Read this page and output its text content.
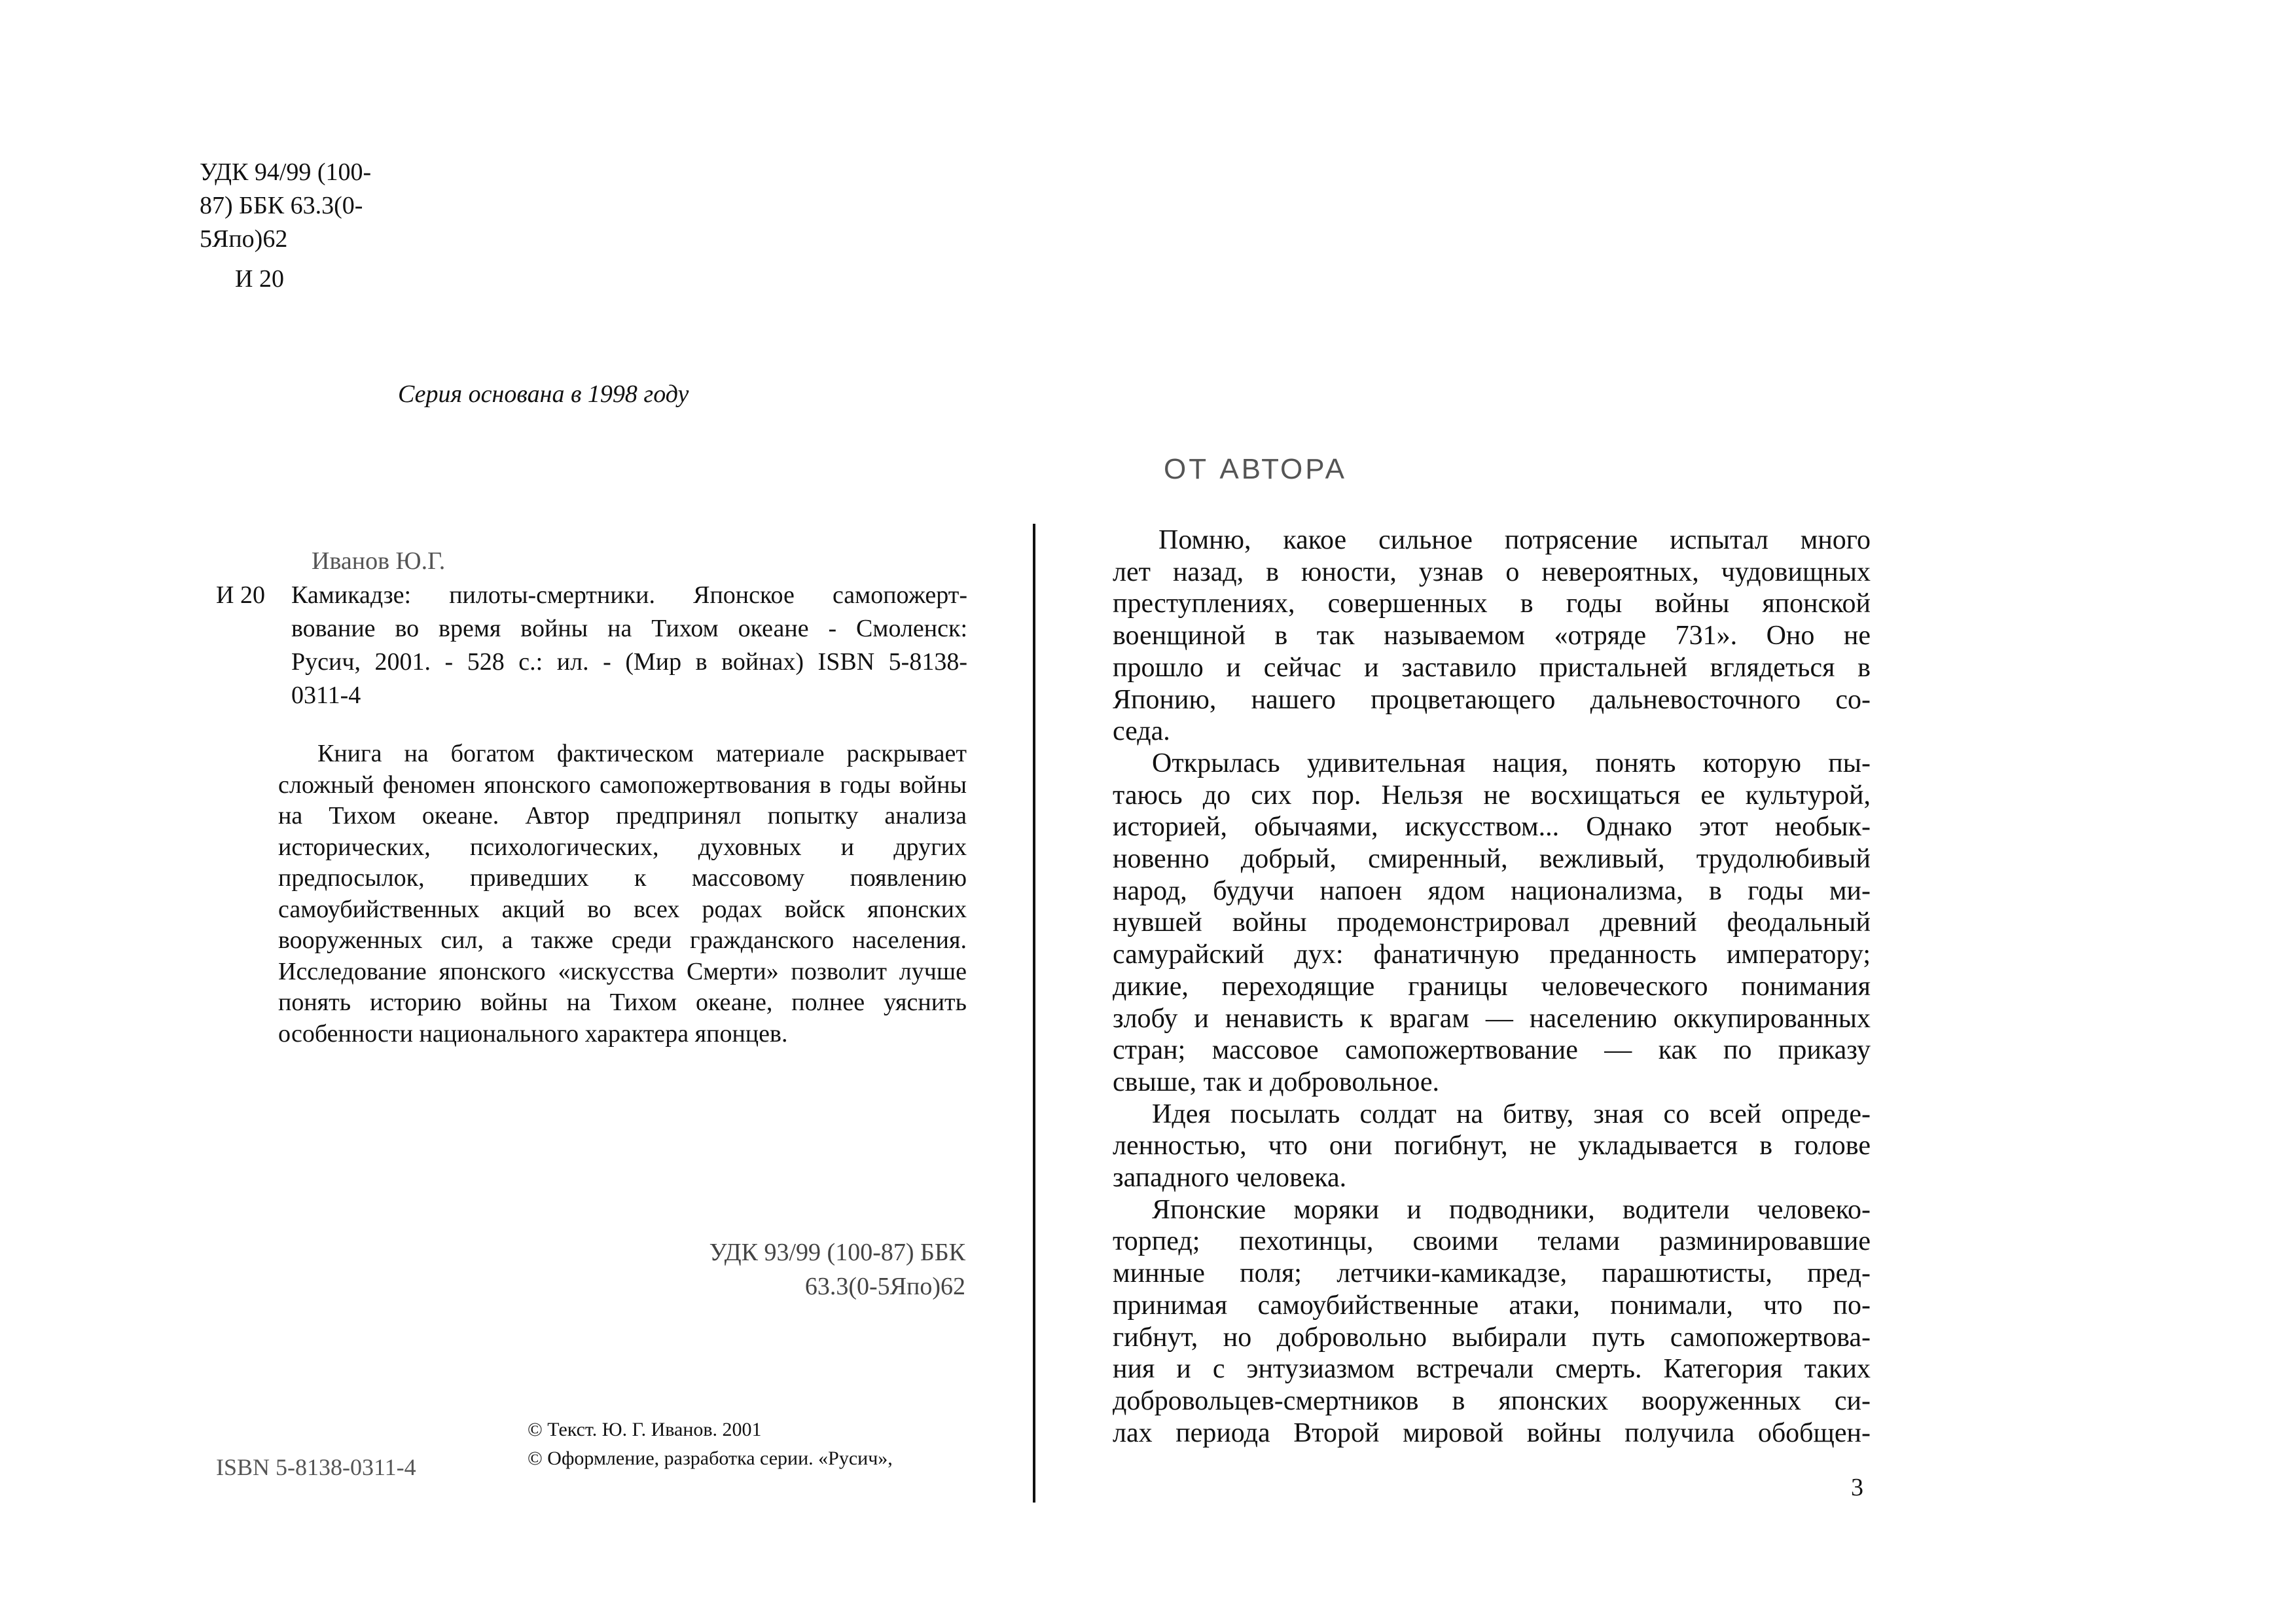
УДК 94/99 (100-
87) ББК 63.3(0-
5Япо)62
И 20
Серия основана в 1998 году
Иванов Ю.Г.
И 20 Камикадзе: пилоты-смертники. Японское самопожерт-
вование во время войны на Тихом океане - Смоленск:
Русич, 2001. - 528 с.: ил. - (Мир в войнах) ISBN 5-8138-
0311-4
Книга на богатом фактическом материале раскрывает сложный феномен японского самопожертвования в годы войны на Тихом океане. Автор предпринял попытку анализа исторических, психологических, духовных и других предпосылок, приведших к массовому появлению самоубийственных акций во всех родах войск японских вооруженных сил, а также среди гражданского населения. Исследование японского «искусства Смерти» позволит лучше понять историю войны на Тихом океане, полнее уяснить особенности национального характера японцев.
УДК 93/99 (100-87) ББК
63.3(0-5Япо)62
© Текст. Ю. Г. Иванов. 2001
© Оформление, разработка серии. «Русич»,
ISBN 5-8138-0311-4
ОТ АВТОРА

Помню, какое сильное потрясение испытал много

лет назад, в юности, узнав о невероятных, чудовищных

преступлениях, совершенных в годы войны японской

военщиной в так называемом «отряде 731». Оно не

прошло и сейчас и заставило пристальней вглядеться в

Японию, нашего процветающего дальневосточного со-

седа.

Открылась удивительная нация, понять которую пы-

таюсь до сих пор. Нельзя не восхищаться ее культурой,

историей, обычаями, искусством... Однако этот необык-

новенно добрый, смиренный, вежливый, трудолюбивый

народ, будучи напоен ядом национализма, в годы ми-

нувшей войны продемонстрировал древний феодальный

самурайский дух: фанатичную преданность императору;

дикие, переходящие границы человеческого понимания

злобу и ненависть к врагам — населению оккупированных

стран; массовое самопожертвование — как по приказу

свыше, так и добровольное.

Идея посылать солдат на битву, зная со всей опреде-

ленностью, что они погибнут, не укладывается в голове

западного человека.

Японские моряки и подводники, водители человеко-

торпед; пехотинцы, своими телами разминировавшие

минные поля; летчики-камикадзе, парашютисты, пред-

принимая самоубийственные атаки, понимали, что по-

гибнут, но добровольно выбирали путь самопожертвова-

ния и с энтузиазмом встречали смерть. Категория таких

добровольцев-смертников в японских вооруженных си-

лах периода Второй мировой войны получила обобщен-

3
